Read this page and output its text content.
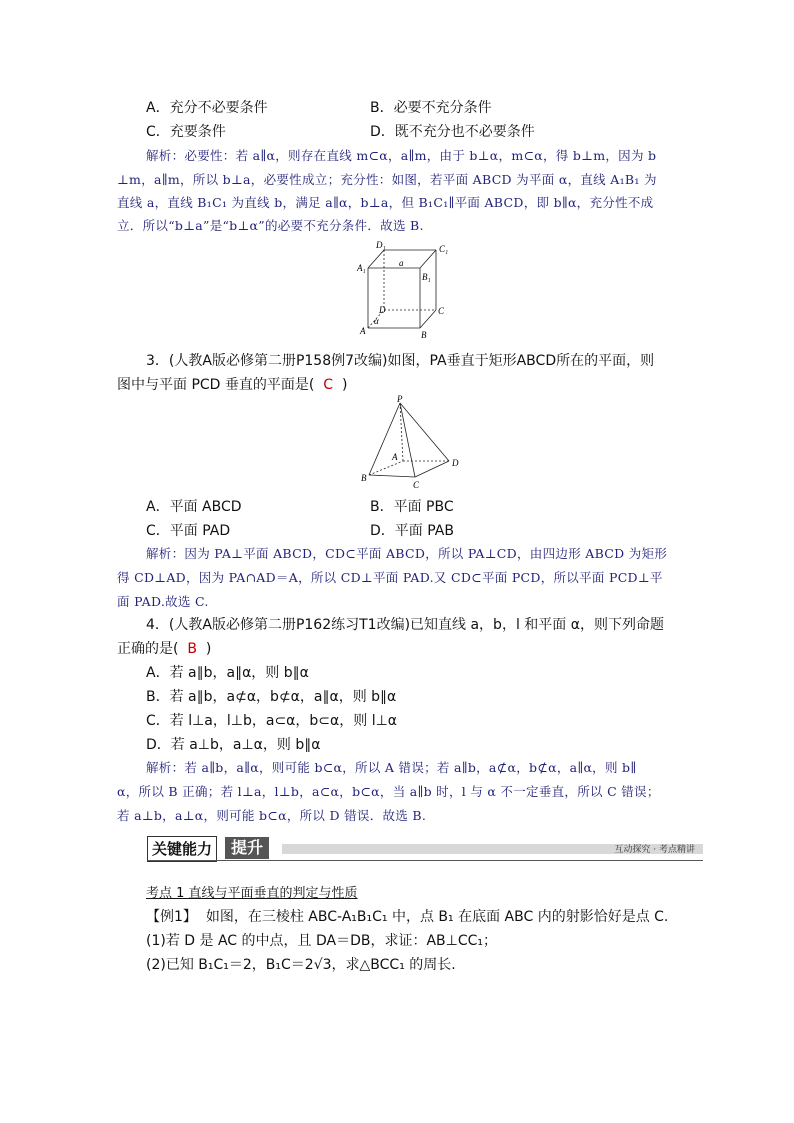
A．充分不必要条件	B．必要不充分条件
C．充要条件	D．既不充分也不必要条件
解析：必要性：若 a∥α，则存在直线 m⊂α，a∥m，由于 b⊥α，m⊂α，得 b⊥m，因为 b
⊥m，a∥m，所以 b⊥a，必要性成立；充分性：如图，若平面 ABCD 为平面 α，直线 A₁B₁ 为
直线 a，直线 B₁C₁ 为直线 b，满足 a∥α，b⊥a，但 B₁C₁∥平面 ABCD，即 b∥α，充分性不成
立．所以“b⊥a”是“b⊥α”的必要不充分条件．故选 B.
D₁	C₁
A₁	a
B₁
D	C
α
A	B
3．(人教A版必修第二册P158例7改编)如图，PA垂直于矩形ABCD所在的平面，则
图中与平面 PCD 垂直的平面是( C )
P
A
B
C
D
A．平面 ABCD	B．平面 PBC
C．平面 PAD	D．平面 PAB
解析：因为 PA⊥平面 ABCD，CD⊂平面 ABCD，所以 PA⊥CD，由四边形 ABCD 为矩形
得 CD⊥AD，因为 PA∩AD＝A，所以 CD⊥平面 PAD.又 CD⊂平面 PCD，所以平面 PCD⊥平
面 PAD.故选 C.
4．(人教A版必修第二册P162练习T1改编)已知直线 a，b，l 和平面 α，则下列命题
正确的是( B )
A．若 a∥b，a∥α，则 b∥α
B．若 a∥b，a⊄α，b⊄α，a∥α，则 b∥α
C．若 l⊥a，l⊥b，a⊂α，b⊂α，则 l⊥α
D．若 a⊥b，a⊥α，则 b∥α
解析：若 a∥b，a∥α，则可能 b⊂α，所以 A 错误；若 a∥b，a⊄α，b⊄α，a∥α，则 b∥
α，所以 B 正确；若 l⊥a，l⊥b，a⊂α，b⊂α，当 a∥b 时，l 与 α 不一定垂直，所以 C 错误；
若 a⊥b，a⊥α，则可能 b⊂α，所以 D 错误．故选 B.
关键能力	提升	互动探究 · 考点精讲
考点 1 直线与平面垂直的判定与性质
【例1】 如图，在三棱柱 ABC-A₁B₁C₁ 中，点 B₁ 在底面 ABC 内的射影恰好是点 C.
(1)若 D 是 AC 的中点，且 DA＝DB，求证：AB⊥CC₁；
(2)已知 B₁C₁＝2，B₁C＝2√3，求△BCC₁ 的周长.
